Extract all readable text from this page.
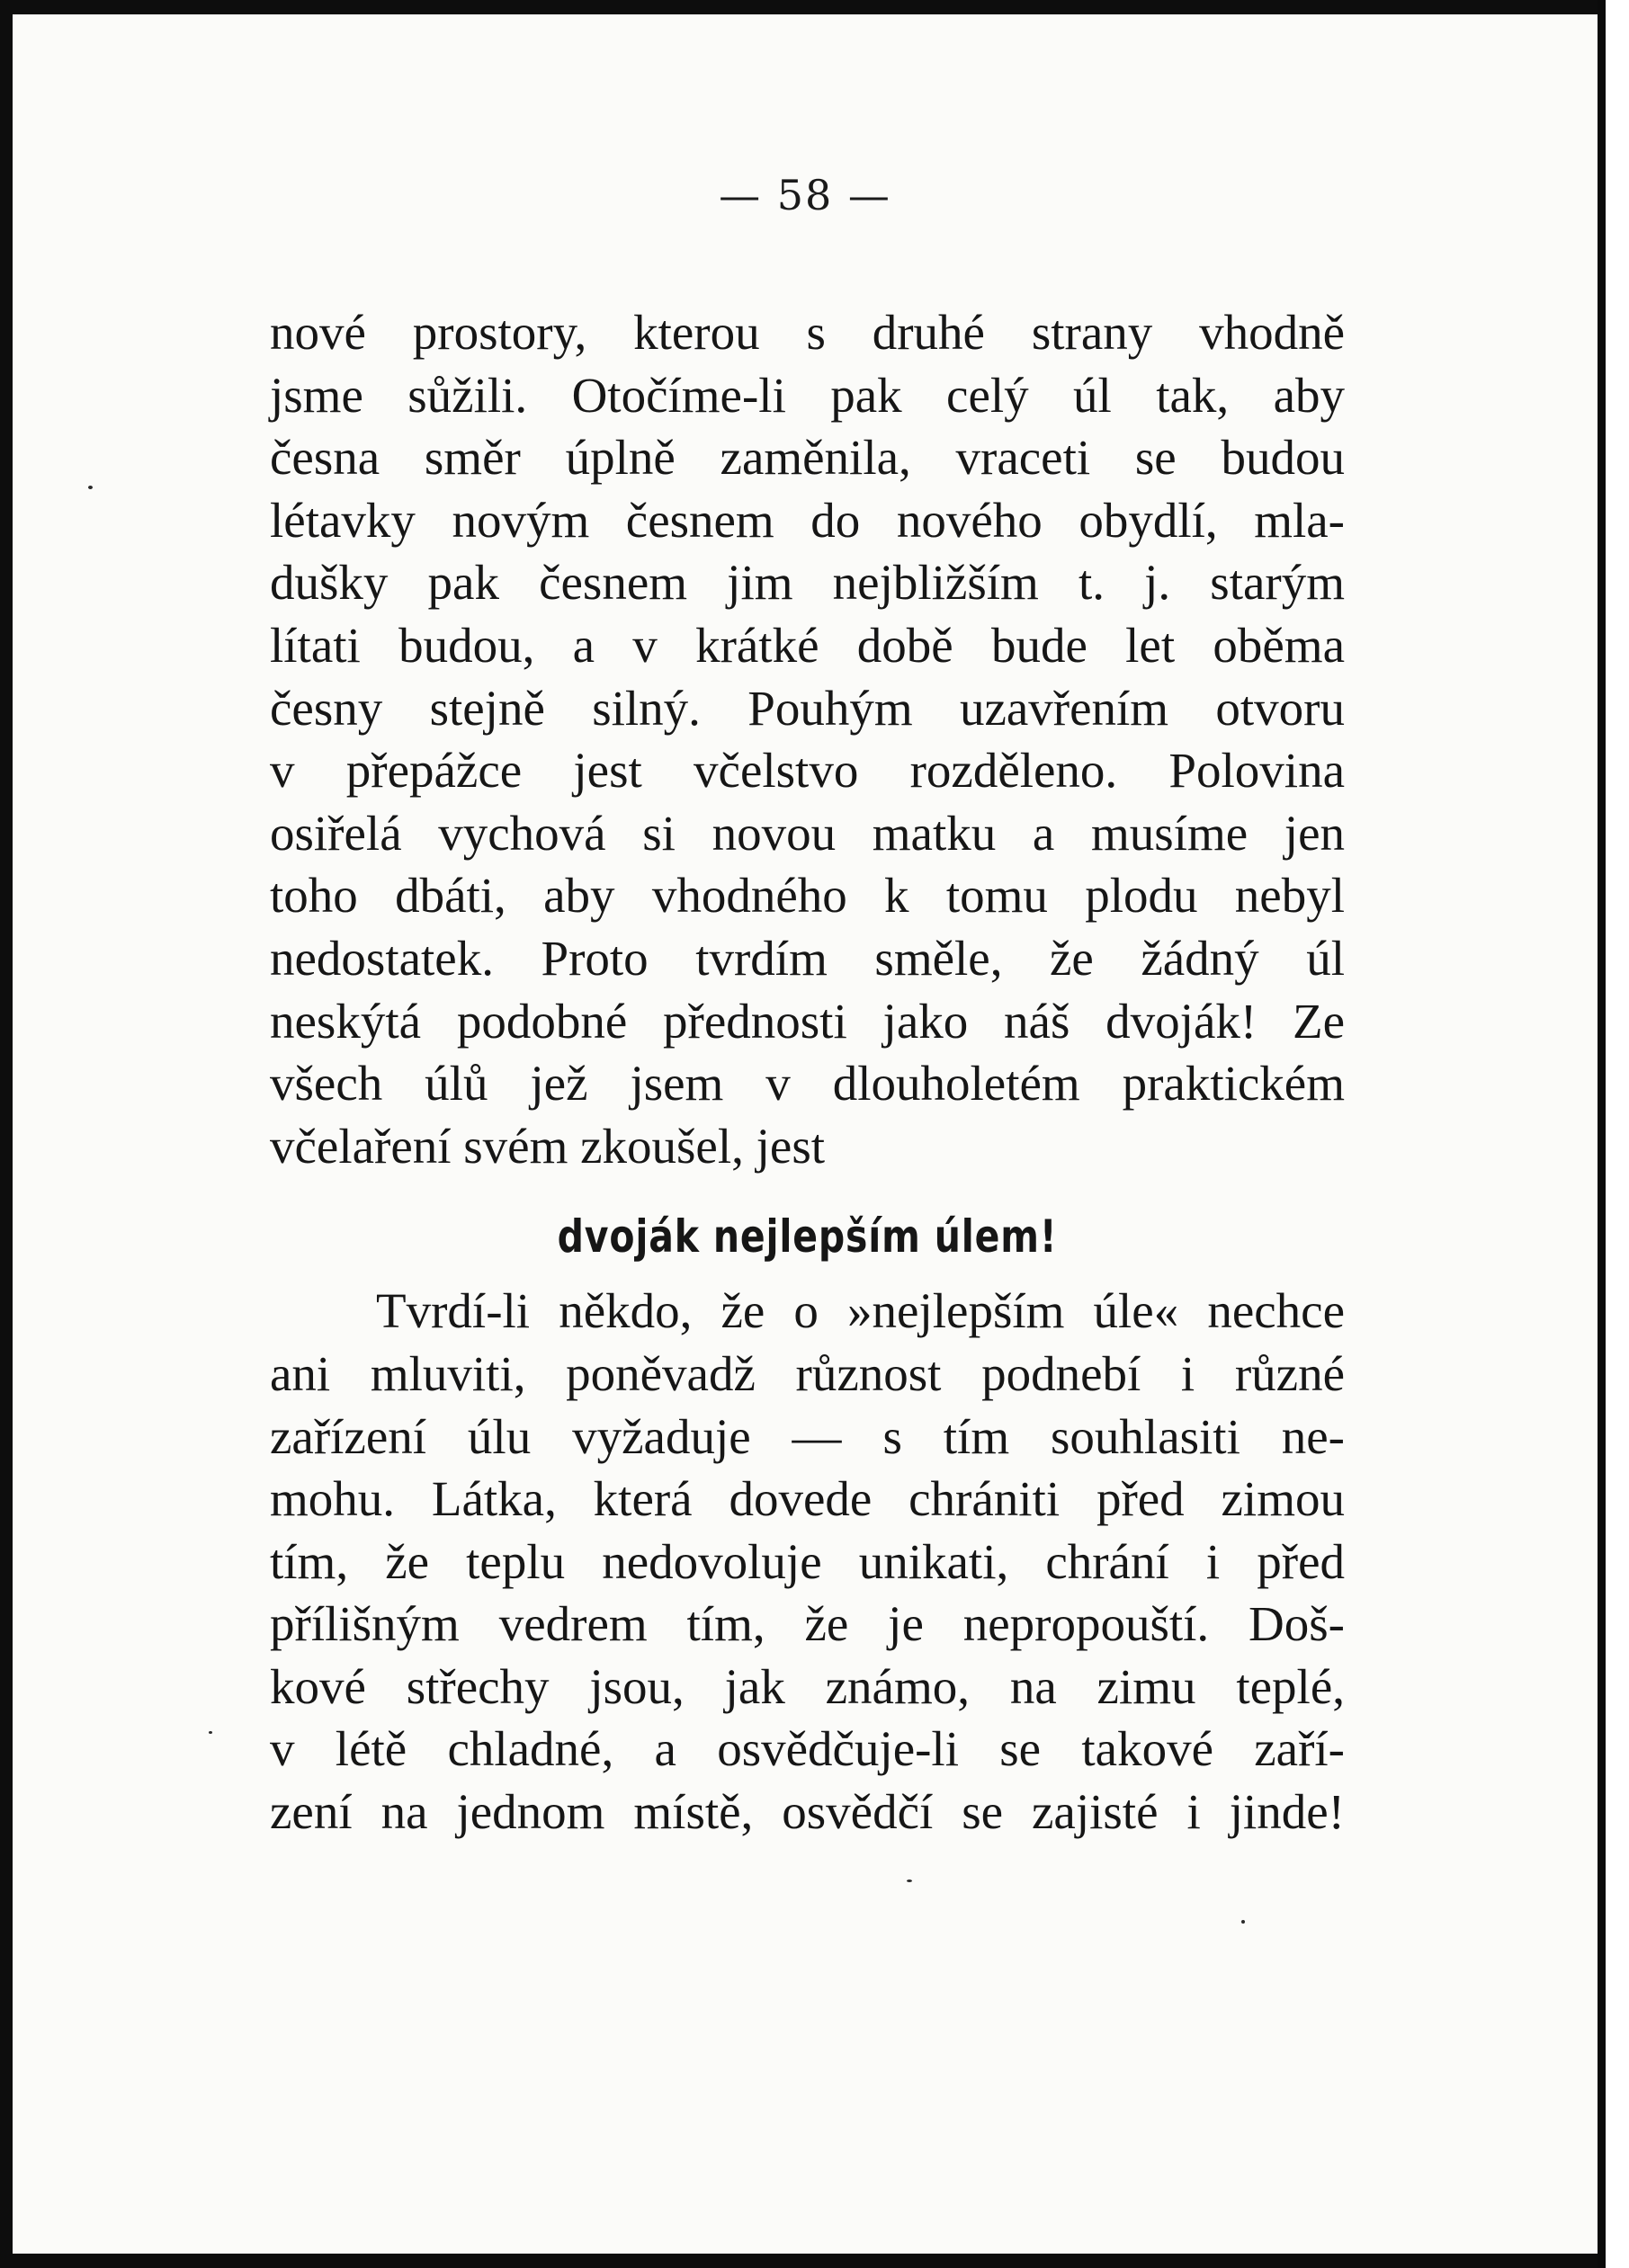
— 58 —
nové prostory, kterou s druhé strany vhodně
jsme sůžili. Otočíme-li pak celý úl tak, aby
česna směr úplně zaměnila, vraceti se budou
létavky novým česnem do nového obydlí, mla-
dušky pak česnem jim nejbližším t. j. starým
lítati budou, a v krátké době bude let oběma
česny stejně silný. Pouhým uzavřením otvoru
v přepážce jest včelstvo rozděleno. Polovina
osiřelá vychová si novou matku a musíme jen
toho dbáti, aby vhodného k tomu plodu nebyl
nedostatek. Proto tvrdím směle, že žádný úl
neskýtá podobné přednosti jako náš dvoják! Ze
všech úlů jež jsem v dlouholetém praktickém
včelaření svém zkoušel, jest
dvoják nejlepším úlem!
Tvrdí-li někdo, že o »nejlepším úle« nechce
ani mluviti, poněvadž různost podnebí i různé
zařízení úlu vyžaduje — s tím souhlasiti ne-
mohu. Látka, která dovede chrániti před zimou
tím, že teplu nedovoluje unikati, chrání i před
přílišným vedrem tím, že je nepropouští. Doš-
kové střechy jsou, jak známo, na zimu teplé,
v létě chladné, a osvědčuje-li se takové zaří-
zení na jednom místě, osvědčí se zajisté i jinde!
